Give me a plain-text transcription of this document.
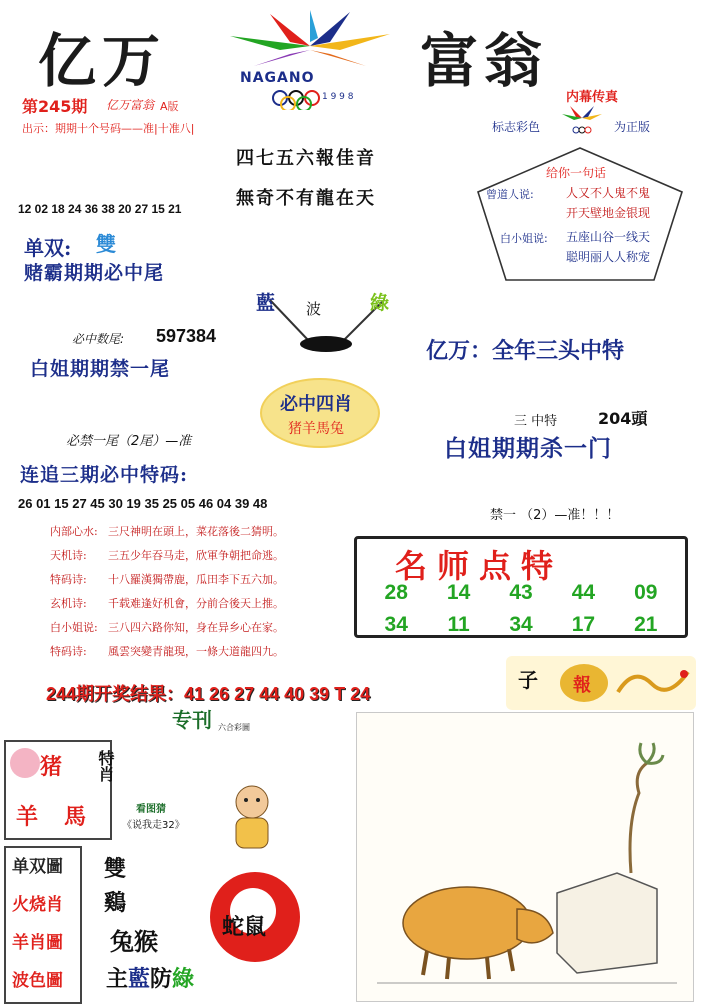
亿万	富翁
NAGANO
1 9 9 8
第245期 亿万富翁 A版
出示：期期十个号码——准|十准八|
内幕传真
标志彩色	为正版
四七五六報佳音
無奇不有龍在天
给你一句话
曾道人说:	人又不人鬼不鬼
开天壁地金银现
白小姐说: 五座山谷一线天
聪明丽人人称宠
12 02 18 24 36 38 20 27 15 21
单双: 雙
赌霸期期必中尾
藍 波	綠
必中数尾: 597384
白姐期期禁一尾
亿万：全年三头中特
必中四肖
猪羊馬兔	三 中特	204頭
必禁一尾（2尾）—准	白姐期期杀一门
连追三期必中特码:
26 01 15 27 45 30 19 35 25 05 46 04 39 48
禁一 （2）—准！！！
内部心水: 三尺神明在頭上，菜花落後二猜明。
天机诗:	三五少年吞马走，欣軍争朝把命逃。
特码诗:	十八羅漢獨帶鹿，瓜田李下五六加。
玄机诗:	千载难逢好机會，分前合後天上推。
白小姐说: 三八四六路你知，身在异乡心在家。
特码诗:	風雲突變青龍現，一條大道龍四九。
名师点特
28	14	43	44	09
34	11	34	17	21
244期开奖结果：41 26 27 44 40 39 T 24
专刊 六合彩圖
子 報
猪
羊 馬
特肖
看图猜
《说我走32》
单双圖
火烧肖
羊肖圖
波色圖
雙
鷄
兔猴	蛇鼠
主藍防綠
